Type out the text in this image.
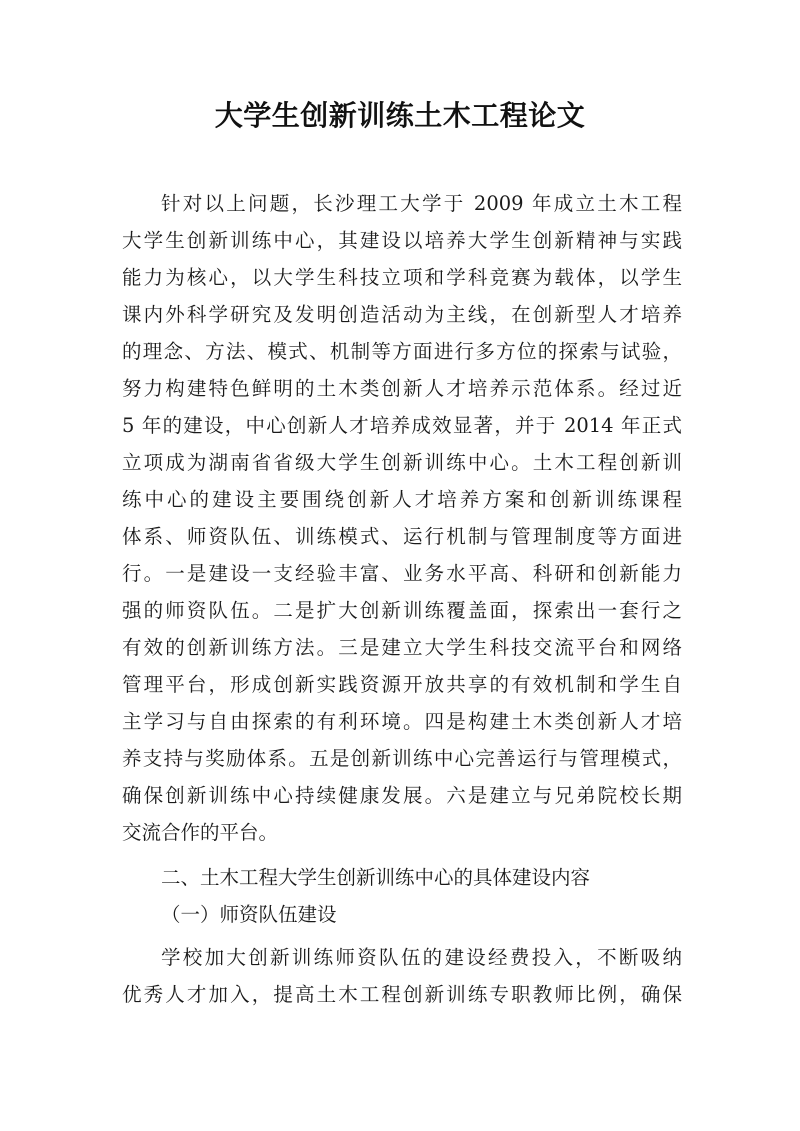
大学生创新训练土木工程论文
针对以上问题，长沙理工大学于 2009 年成立土木工程
大学生创新训练中心，其建设以培养大学生创新精神与实践
能力为核心，以大学生科技立项和学科竞赛为载体，以学生
课内外科学研究及发明创造活动为主线，在创新型人才培养
的理念、方法、模式、机制等方面进行多方位的探索与试验，
努力构建特色鲜明的土木类创新人才培养示范体系。经过近
5 年的建设，中心创新人才培养成效显著，并于 2014 年正式
立项成为湖南省省级大学生创新训练中心。土木工程创新训
练中心的建设主要围绕创新人才培养方案和创新训练课程
体系、师资队伍、训练模式、运行机制与管理制度等方面进
行。一是建设一支经验丰富、业务水平高、科研和创新能力
强的师资队伍。二是扩大创新训练覆盖面，探索出一套行之
有效的创新训练方法。三是建立大学生科技交流平台和网络
管理平台，形成创新实践资源开放共享的有效机制和学生自
主学习与自由探索的有利环境。四是构建土木类创新人才培
养支持与奖励体系。五是创新训练中心完善运行与管理模式，
确保创新训练中心持续健康发展。六是建立与兄弟院校长期
交流合作的平台。
二、土木工程大学生创新训练中心的具体建设内容
（一）师资队伍建设
学校加大创新训练师资队伍的建设经费投入，不断吸纳
优秀人才加入，提高土木工程创新训练专职教师比例，确保
